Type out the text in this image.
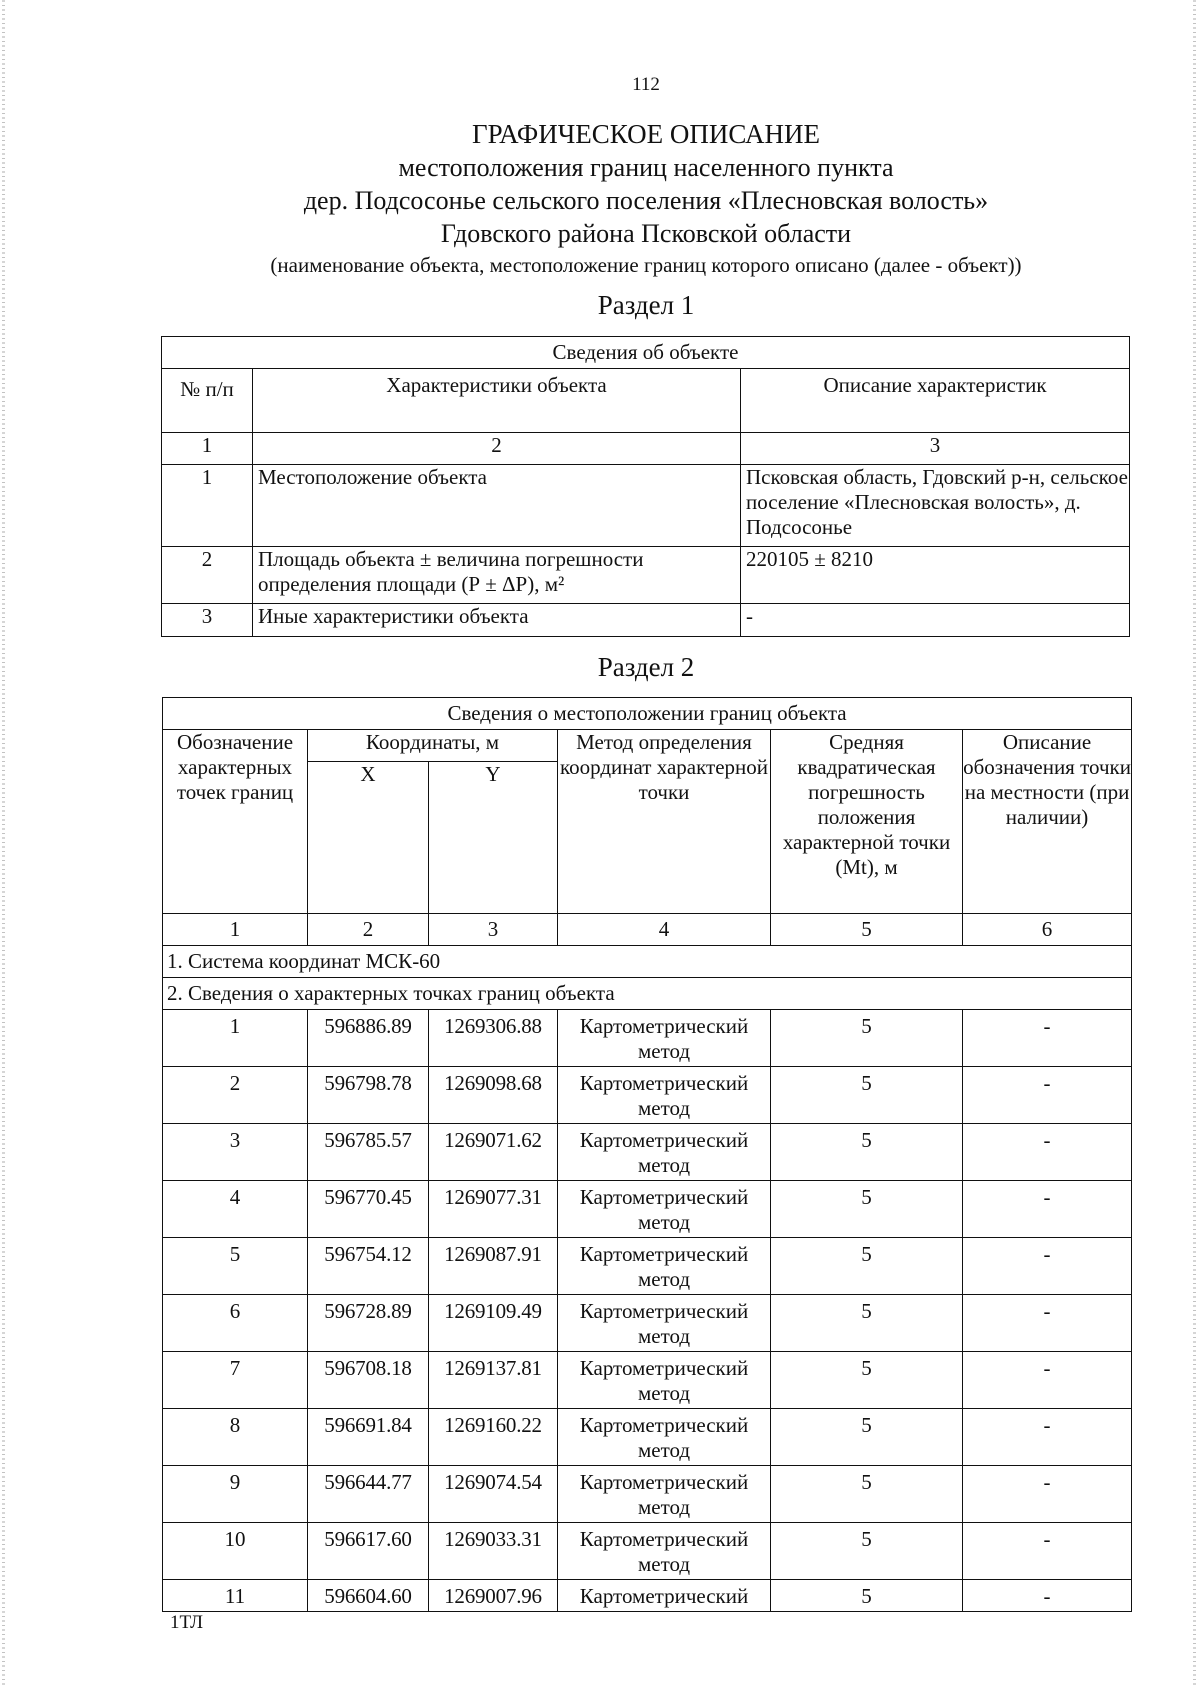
112
ГРАФИЧЕСКОЕ ОПИСАНИЕ
местоположения границ населенного пункта
дер. Подсосонье сельского поселения «Плесновская волость»
Гдовского района Псковской области
(наименование объекта, местоположение границ которого описано (далее - объект))
Раздел 1
Сведения об объекте		
№ п/п	Характеристики объекта	Описание характеристик
1	2	3
1	Местоположение объекта	Псковская область, Гдовский р-н, сельское поселение «Плесновская волость», д. Подсосонье
2	Площадь объекта ± величина погрешности определения площади (Р ± ΔР), м²	220105 ± 8210
3	Иные характеристики объекта	-
Раздел 2
Сведения о местоположении границ объекта					
Обозначение характерных точек границ	Координаты, м		Метод определения координат характерной точки	Средняя квадратическая погрешность положения характерной точки (Mt), м	Описание обозначения точки на местности (при наличии)
	X	Y			
1	2	3	4	5	6
1. Система координат МСК-60					
2. Сведения о характерных точках границ объекта					
1	596886.89	1269306.88	Картометрический метод	5	-
2	596798.78	1269098.68	Картометрический метод	5	-
3	596785.57	1269071.62	Картометрический метод	5	-
4	596770.45	1269077.31	Картометрический метод	5	-
5	596754.12	1269087.91	Картометрический метод	5	-
6	596728.89	1269109.49	Картометрический метод	5	-
7	596708.18	1269137.81	Картометрический метод	5	-
8	596691.84	1269160.22	Картометрический метод	5	-
9	596644.77	1269074.54	Картометрический метод	5	-
10	596617.60	1269033.31	Картометрический метод	5	-
11	596604.60	1269007.96	Картометрический	5	-
1ТЛ
